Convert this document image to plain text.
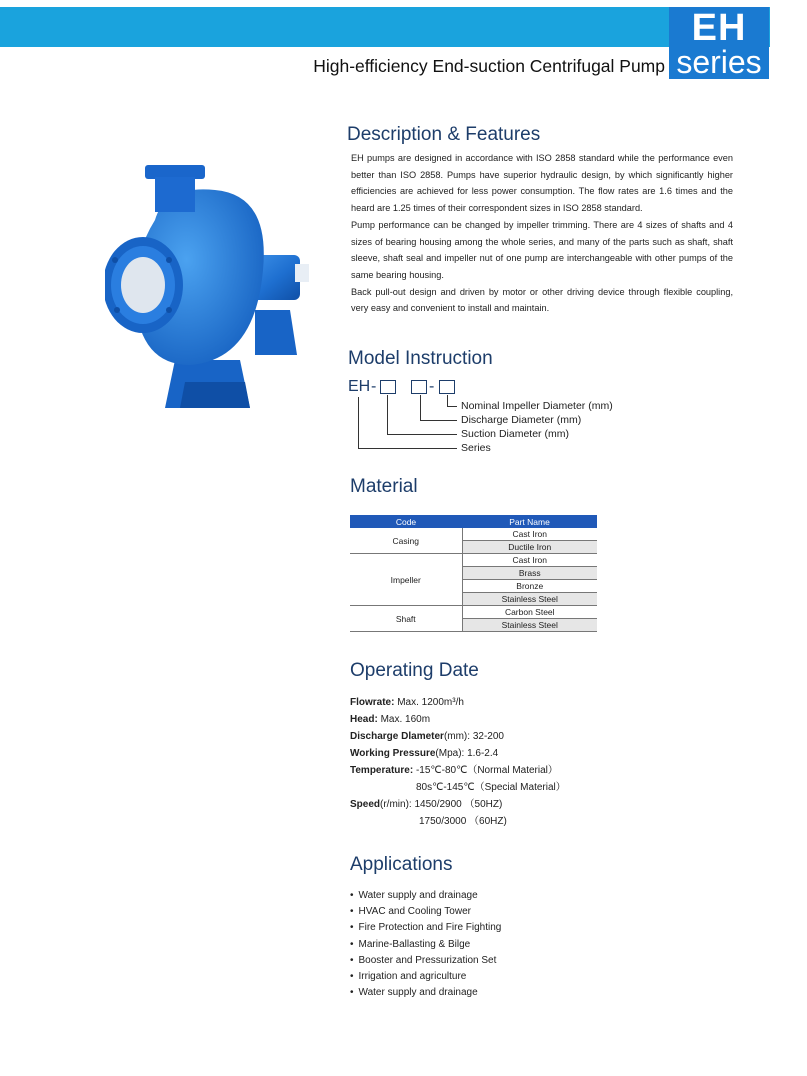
EH
series
High-efficiency End-suction Centrifugal Pump
Description & Features

EH pumps are designed in accordance with ISO 2858 standard while the performance even better than ISO 2858. Pumps have superior hydraulic design, by which significantly higher efficiencies are achieved for less power consumption. The flow rates are 1.6 times and the heard are 1.25 times of their correspondent sizes in ISO 2858 standard.

Pump performance can be changed by impeller trimming. There are 4 sizes of shafts and 4 sizes of bearing housing among the whole series, and many of the parts such as shaft, shaft sleeve, shaft seal and impeller nut of one pump are interchangeable with other pumps of the same bearing housing.

Back pull-out design and driven by motor or other driving device through flexible coupling, very easy and convenient to install and maintain.

Model Instruction
EH -	-
Nominal Impeller Diameter (mm)
Discharge Diameter (mm)
Suction Diameter (mm)
Series
Material
Code	Part Name
Casing	Cast Iron
	Ductile Iron
Impeller	Cast Iron
	Brass
	Bronze
	Stainless Steel
Shaft	Carbon Steel
	Stainless Steel
Operating Date
Flowrate: Max. 1200m³/h
Head: Max. 160m
Discharge Dlameter(mm): 32-200
Working Pressure(Mpa): 1.6-2.4
Temperature: -15℃-80℃（Normal Material）
80s℃-145℃（Special Material）
Speed(r/min): 1450/2900 （50HZ)
1750/3000 （60HZ)
Applications
• Water supply and drainage
• HVAC and Cooling Tower
• Fire Protection and Fire Fighting
• Marine-Ballasting & Bilge
• Booster and Pressurization Set
• Irrigation and agriculture
• Water supply and drainage
